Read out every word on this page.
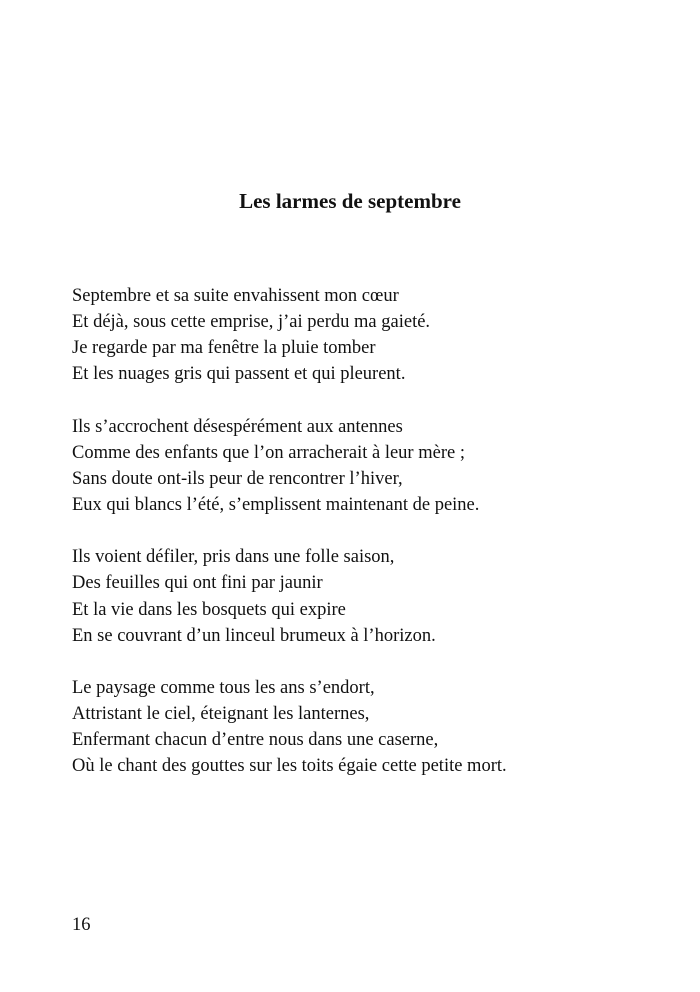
Les larmes de septembre
Septembre et sa suite envahissent mon cœur
Et déjà, sous cette emprise, j’ai perdu ma gaieté.
Je regarde par ma fenêtre la pluie tomber
Et les nuages gris qui passent et qui pleurent.
Ils s’accrochent désespérément aux antennes
Comme des enfants que l’on arracherait à leur mère ;
Sans doute ont-ils peur de rencontrer l’hiver,
Eux qui blancs l’été, s’emplissent maintenant de peine.
Ils voient défiler, pris dans une folle saison,
Des feuilles qui ont fini par jaunir
Et la vie dans les bosquets qui expire
En se couvrant d’un linceul brumeux à l’horizon.
Le paysage comme tous les ans s’endort,
Attristant le ciel, éteignant les lanternes,
Enfermant chacun d’entre nous dans une caserne,
Où le chant des gouttes sur les toits égaie cette petite mort.
16
